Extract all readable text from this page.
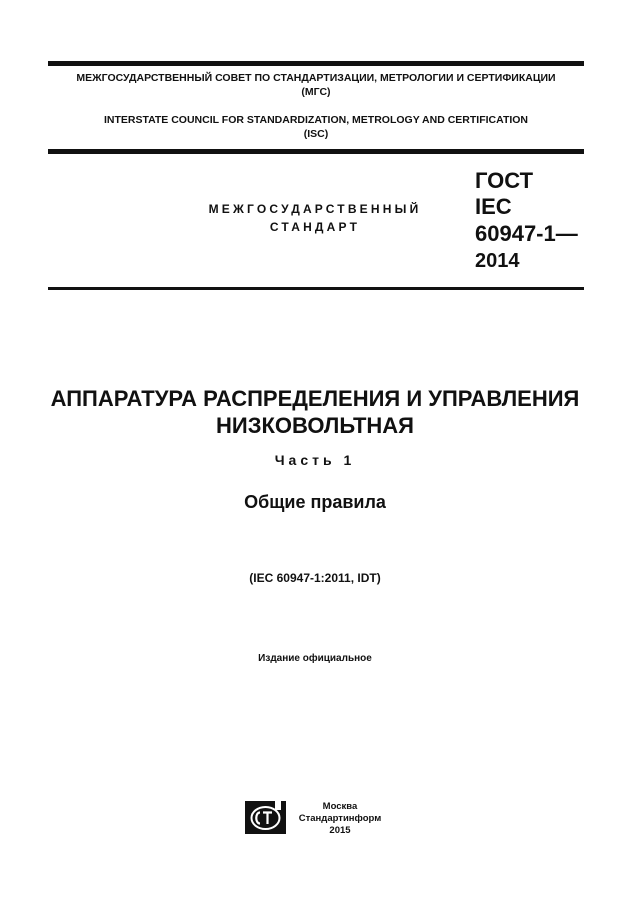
МЕЖГОСУДАРСТВЕННЫЙ СОВЕТ ПО СТАНДАРТИЗАЦИИ, МЕТРОЛОГИИ И СЕРТИФИКАЦИИ
(МГС)
INTERSTATE COUNCIL FOR STANDARDIZATION, METROLOGY AND CERTIFICATION
(ISC)
МЕЖГОСУДАРСТВЕННЫЙ
СТАНДАРТ
ГОСТ
IEC
60947-1—
2014
АППАРАТУРА РАСПРЕДЕЛЕНИЯ И УПРАВЛЕНИЯ
НИЗКОВОЛЬТНАЯ
Часть 1
Общие правила
(IEC 60947-1:2011, IDT)
Издание официальное
Москва
Стандартинформ
2015
